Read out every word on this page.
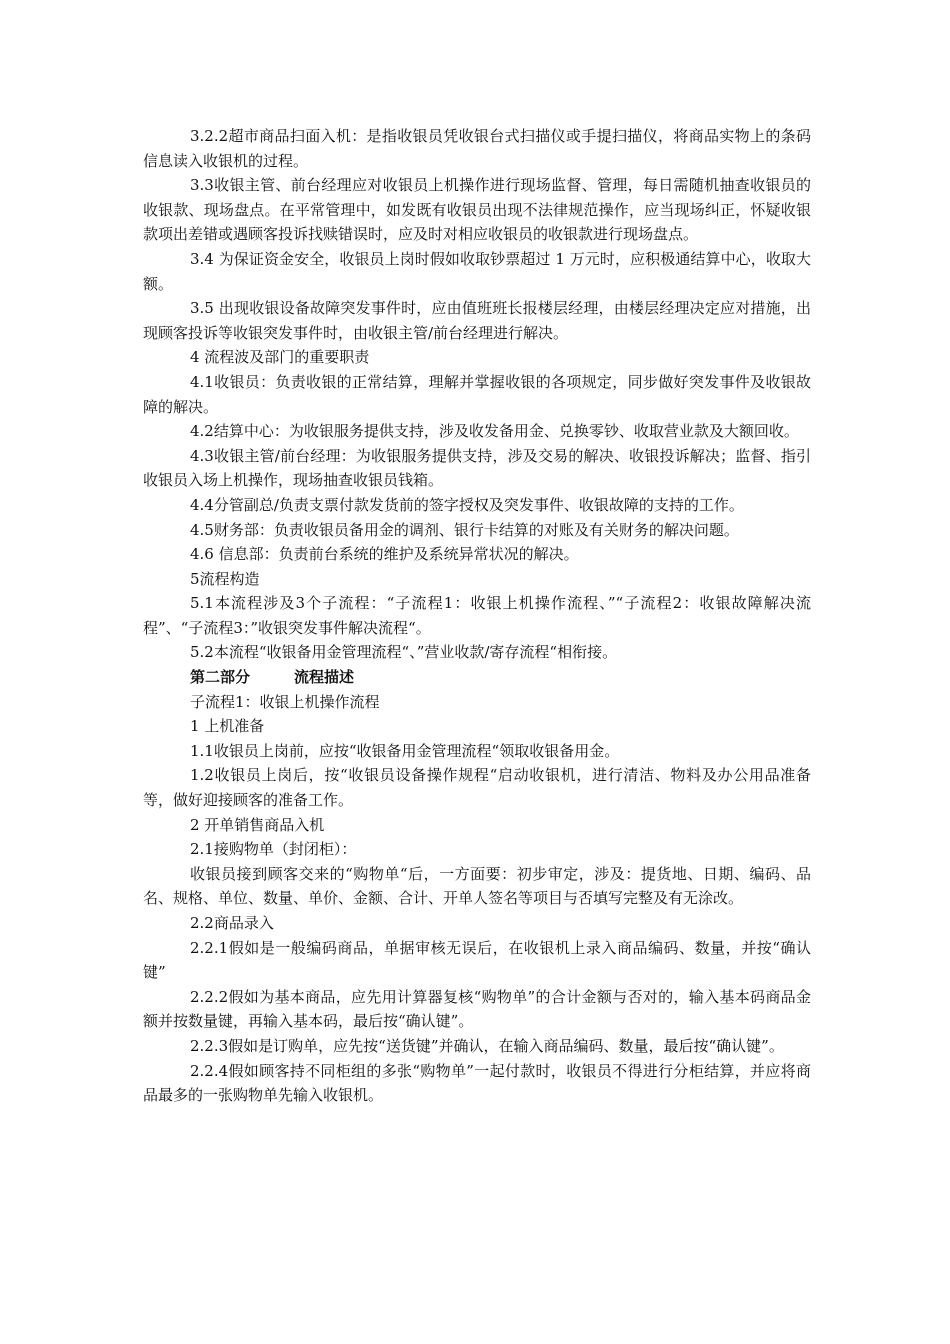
3.2.2超市商品扫面入机：是指收银员凭收银台式扫描仪或手提扫描仪，将商品实物上的条码信息读入收银机的过程。

3.3收银主管、前台经理应对收银员上机操作进行现场监督、管理，每日需随机抽查收银员的收银款、现场盘点。在平常管理中，如发既有收银员出现不法律规范操作，应当现场纠正，怀疑收银款项出差错或遇顾客投诉找赎错误时，应及时对相应收银员的收银款进行现场盘点。

3.4 为保证资金安全，收银员上岗时假如收取钞票超过 1 万元时，应积极通结算中心，收取大额。

3.5 出现收银设备故障突发事件时，应由值班班长报楼层经理，由楼层经理决定应对措施，出现顾客投诉等收银突发事件时，由收银主管/前台经理进行解决。

4 流程波及部门的重要职责

4.1收银员：负责收银的正常结算，理解并掌握收银的各项规定，同步做好突发事件及收银故障的解决。

4.2结算中心：为收银服务提供支持，涉及收发备用金、兑换零钞、收取营业款及大额回收。

4.3收银主管/前台经理：为收银服务提供支持，涉及交易的解决、收银投诉解决；监督、指引收银员入场上机操作，现场抽查收银员钱箱。

4.4分管副总/负责支票付款发货前的签字授权及突发事件、收银故障的支持的工作。

4.5财务部：负责收银员备用金的调剂、银行卡结算的对账及有关财务的解决问题。

4.6 信息部：负责前台系统的维护及系统异常状况的解决。

5流程构造

5.1本流程涉及3个子流程：“子流程1：收银上机操作流程、”“子流程2：收银故障解决流程”、“子流程3：”收银突发事件解决流程“。

5.2本流程“收银备用金管理流程“、”营业收款/寄存流程“相衔接。

第二部分	流程描述

子流程1：收银上机操作流程

1 上机准备

1.1收银员上岗前，应按“收银备用金管理流程“领取收银备用金。

1.2收银员上岗后，按“收银员设备操作规程“启动收银机，进行清洁、物料及办公用品准备等，做好迎接顾客的准备工作。

2 开单销售商品入机

2.1接购物单（封闭柜）：

收银员接到顾客交来的“购物单“后，一方面要：初步审定，涉及：提货地、日期、编码、品名、规格、单位、数量、单价、金额、合计、开单人签名等项目与否填写完整及有无涂改。

2.2商品录入

2.2.1假如是一般编码商品，单据审核无误后，在收银机上录入商品编码、数量，并按“确认键”

2.2.2假如为基本商品，应先用计算器复核“购物单”的合计金额与否对的，输入基本码商品金额并按数量键，再输入基本码，最后按“确认键”。

2.2.3假如是订购单，应先按“送货键”并确认，在输入商品编码、数量，最后按“确认键”。

2.2.4假如顾客持不同柜组的多张“购物单”一起付款时，收银员不得进行分柜结算，并应将商品最多的一张购物单先输入收银机。
